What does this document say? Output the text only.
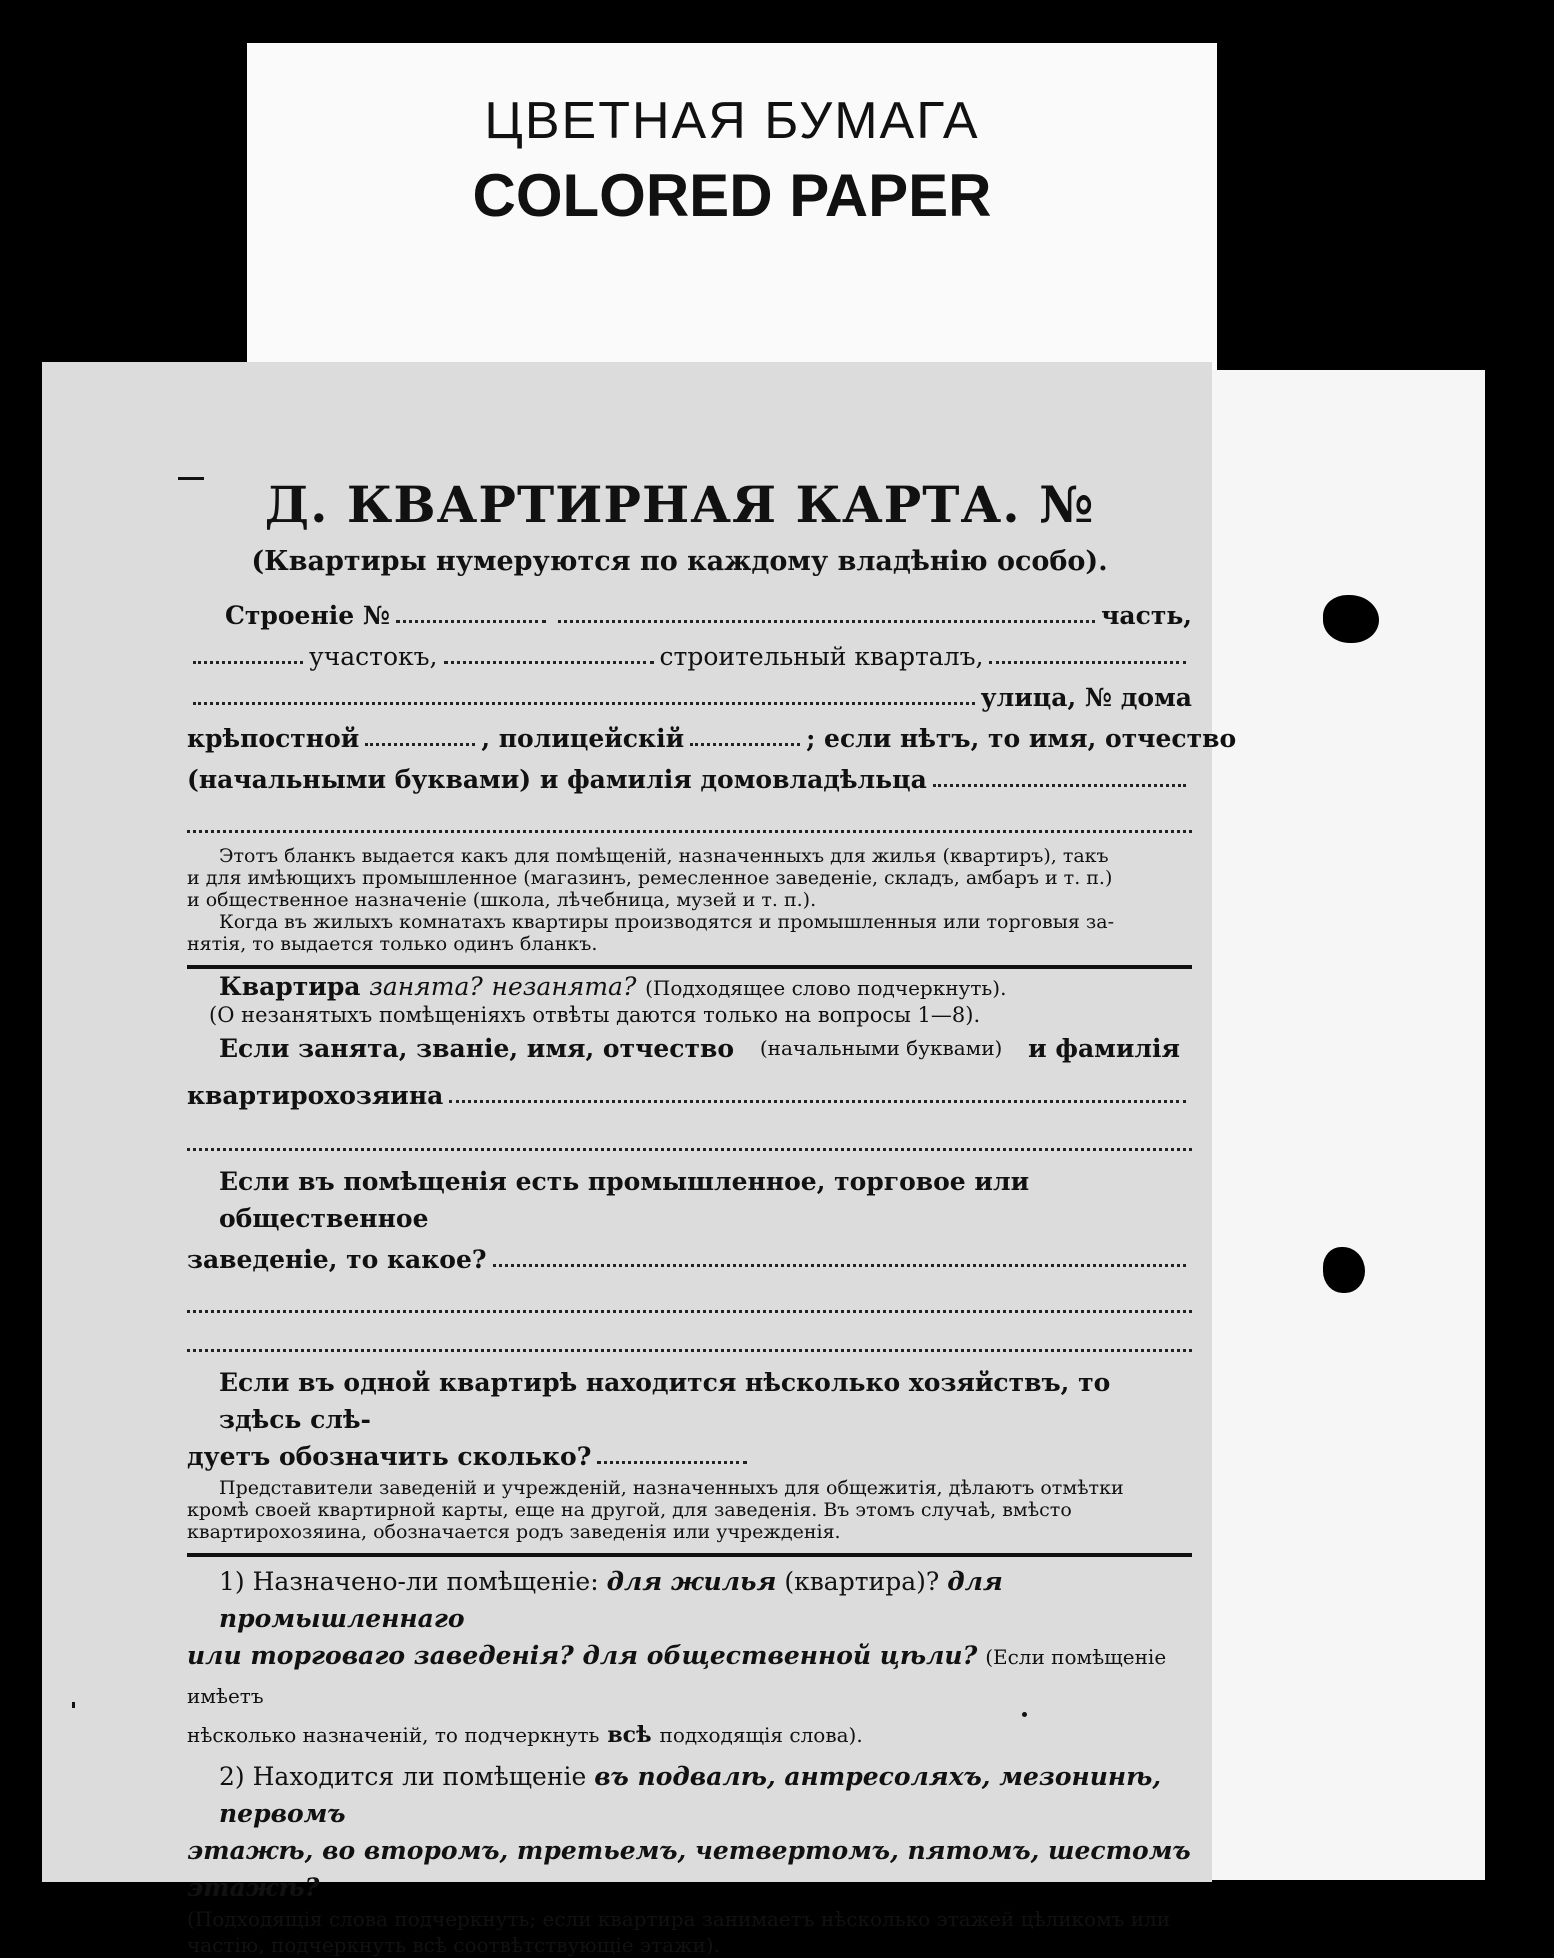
ЦВЕТНАЯ БУМАГА
COLORED PAPER
Д. КВАРТИРНАЯ КАРТА. №
(Квартиры нумеруются по каждому владѣнію особо).
Строеніе №	часть,
участокъ,	строительный кварталъ,
улица, № дома
крѣпостной	, полицейскій	; если нѣтъ, то имя, отчество
(начальными буквами) и фамилія домовладѣльца

Этотъ бланкъ выдается какъ для помѣщеній, назначенныхъ для жилья (квартиръ), такъ

и для имѣющихъ промышленное (магазинъ, ремесленное заведеніе, складъ, амбаръ и т. п.)

и общественное назначеніе (школа, лѣчебница, музей и т. п.).

Когда въ жилыхъ комнатахъ квартиры производятся и промышленныя или торговыя за-

нятія, то выдается только одинъ бланкъ.

Квартира занята? незанята? (Подходящее слово подчеркнуть).
(О незанятыхъ помѣщеніяхъ отвѣты даются только на вопросы 1—8).
Если занята, званіе, имя, отчество (начальными буквами) и фамилія
квартирохозяина
Если въ помѣщенія есть промышленное, торговое или общественное
заведеніе, то какое?
Если въ одной квартирѣ находится нѣсколько хозяйствъ, то здѣсь слѣ-
дуетъ обозначить сколько?

Представители заведеній и учрежденій, назначенныхъ для общежитія, дѣлаютъ отмѣтки

кромѣ своей квартирной карты, еще на другой, для заведенія. Въ этомъ случаѣ, вмѣсто

квартирохозяина, обозначается родъ заведенія или учрежденія.

1) Назначено-ли помѣщеніе: для жилья (квартира)? для промышленнаго
или торговаго заведенія? для общественной цѣли? (Если помѣщеніе имѣетъ
нѣсколько назначеній, то подчеркнуть всѣ подходящія слова).
2) Находится ли помѣщеніе въ подвалѣ, антресоляхъ, мезонинѣ, первомъ
этажѣ, во второмъ, третьемъ, четвертомъ, пятомъ, шестомъ этажѣ?

(Подходящія слова подчеркнуть; если квартира занимаетъ нѣсколько этажей цѣликомъ или

частію, подчеркнуть всѣ соотвѣтствующіе этажи).
